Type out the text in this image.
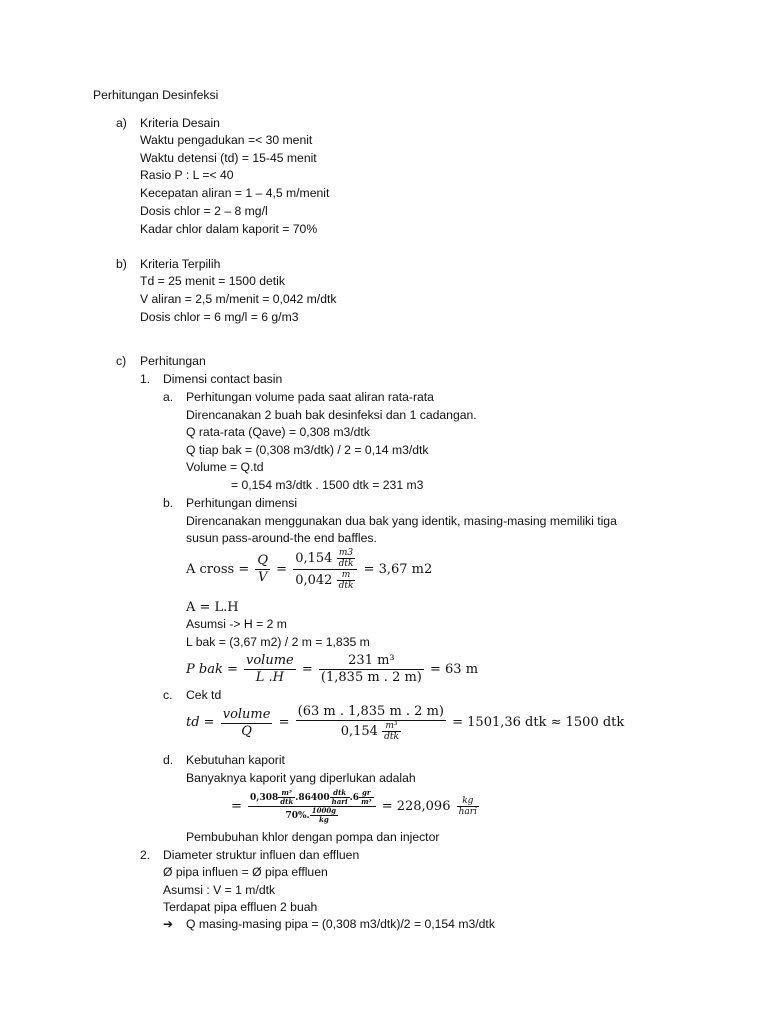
Perhitungan Desinfeksi
a) Kriteria Desain
Waktu pengadukan =< 30 menit
Waktu detensi (td) = 15-45 menit
Rasio P : L =< 40
Kecepatan aliran = 1 – 4,5 m/menit
Dosis chlor = 2 – 8 mg/l
Kadar chlor dalam kaporit = 70%
b) Kriteria Terpilih
Td = 25 menit = 1500 detik
V aliran = 2,5 m/menit = 0,042 m/dtk
Dosis chlor = 6 mg/l = 6 g/m3
c) Perhitungan
1. Dimensi contact basin
a. Perhitungan volume pada saat aliran rata-rata
Direncanakan 2 buah bak desinfeksi dan 1 cadangan.
Q rata-rata (Qave) = 0,308 m3/dtk
Q tiap bak = (0,308 m3/dtk) / 2 = 0,14 m3/dtk
Volume = Q.td
= 0,154 m3/dtk . 1500 dtk = 231 m3
b. Perhitungan dimensi
Direncanakan menggunakan dua bak yang identik, masing-masing memiliki tiga
susun pass-around-the end baffles.
A cross = $\frac{Q}{V} = \frac{0,154 \frac{m3}{\text{dtk}}}{0,042 \frac{m}{\text{dtk}}} = 3,67$ m2
A = L.H
Asumsi -> H = 2 m
L bak = (3,67 m2) / 2 m = 1,835 m
P bak = $\frac{\text{volume}}{L .H} = \frac{\text{231 m³}}{(1,835 m . 2 m)} = 63$ m
c. Cek td
td = $\frac{\text{volume}}{Q} = \frac{(63 m . 1,835 m . 2 m)}{0,154 \frac{\text{m³}}{\text{dtk}}} = 1501,36$ dtk ≈ 1500 dtk
d. Kebutuhan kaporit
Banyaknya kaporit yang diperlukan adalah
= $\frac{0,308 \frac{\text{m³}}{\text{dtk}} .86400 \frac{\text{dtk}}{\text{hari}} .6 \frac{gr}{\text{m³}}}{70\%. \frac{1000g}{kg}} = 228,096 \frac{kg}{\text{hari}}$
Pembubuhan khlor dengan pompa dan injector
2. Diameter struktur influen dan effluen
Ø pipa influen = Ø pipa effluen
Asumsi : V = 1 m/dtk
Terdapat pipa effluen 2 buah
➔ Q masing-masing pipa = (0,308 m3/dtk)/2 = 0,154 m3/dtk
